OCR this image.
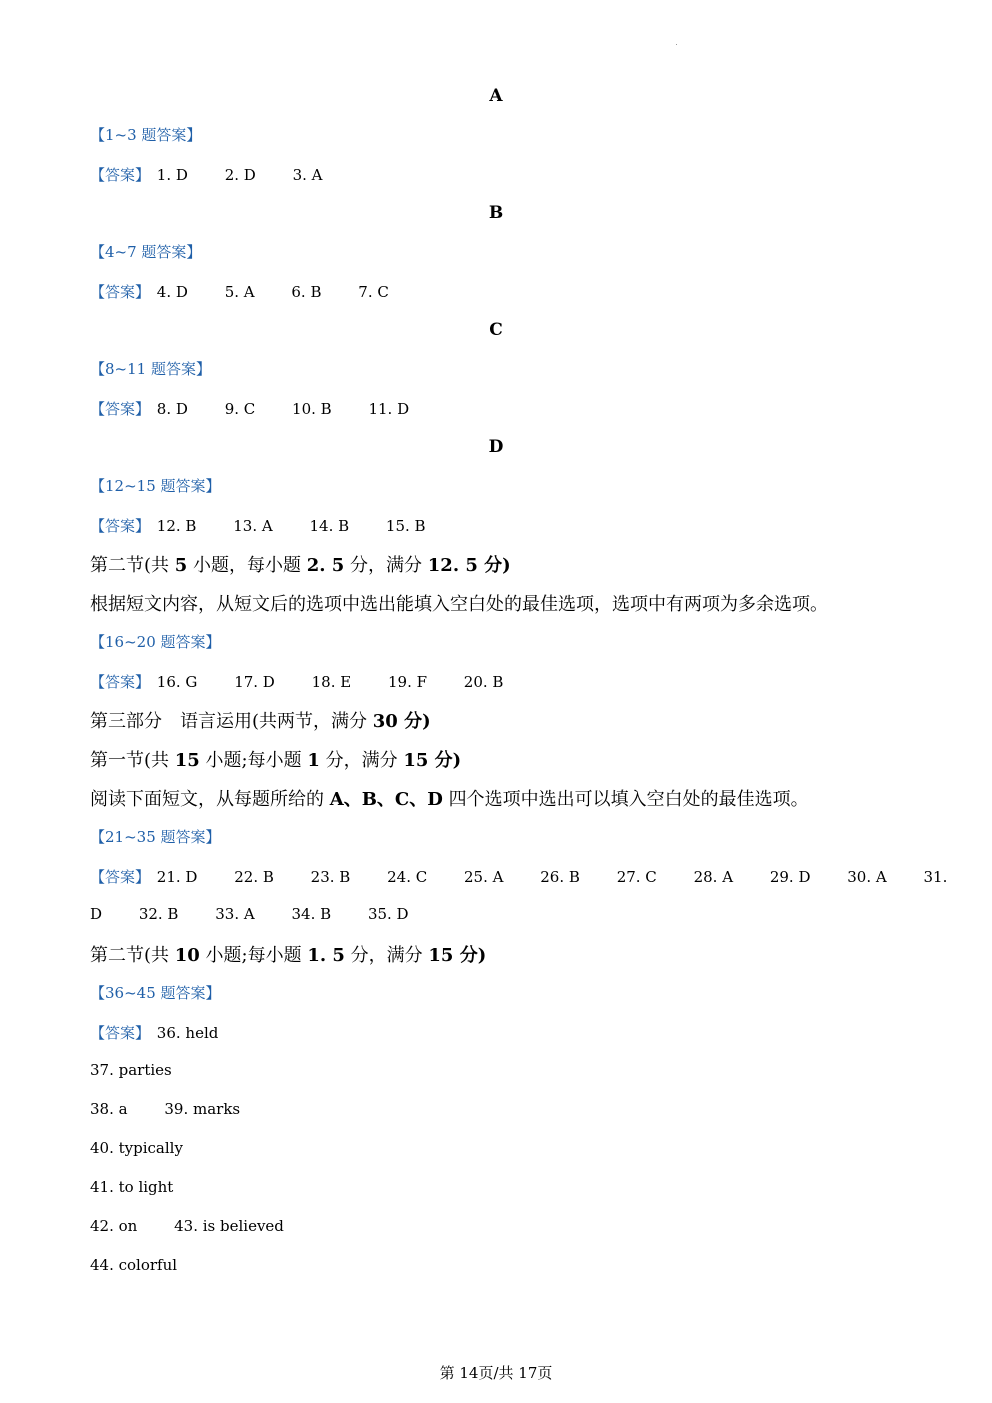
A
【1~3 题答案】
【答案】 1. D 2. D 3. A
B
【4~7 题答案】
【答案】 4. D 5. A 6. B 7. C
C
【8~11 题答案】
【答案】 8. D 9. C 10. B 11. D
D
【12~15 题答案】
【答案】 12. B 13. A 14. B 15. B
第二节(共 5 小题，每小题 2. 5 分，满分 12. 5 分)
根据短文内容，从短文后的选项中选出能填入空白处的最佳选项，选项中有两项为多余选项。
【16~20 题答案】
【答案】 16. G 17. D 18. E 19. F 20. B
第三部分　语言运用(共两节，满分 30 分)
第一节(共 15 小题;每小题 1 分，满分 15 分)
阅读下面短文，从每题所给的 A、B、C、D 四个选项中选出可以填入空白处的最佳选项。
【21~35 题答案】
【答案】 21. D 22. B 23. B 24. C 25. A 26. B 27. C 28. A 29. D 30. A 31.
D 32. B 33. A 34. B 35. D
第二节(共 10 小题;每小题 1. 5 分，满分 15 分)
【36~45 题答案】
【答案】 36. held
37. parties
38. a 39. marks
40. typically
41. to light
42. on 43. is believed
44. colorful
第 14页/共 17页
